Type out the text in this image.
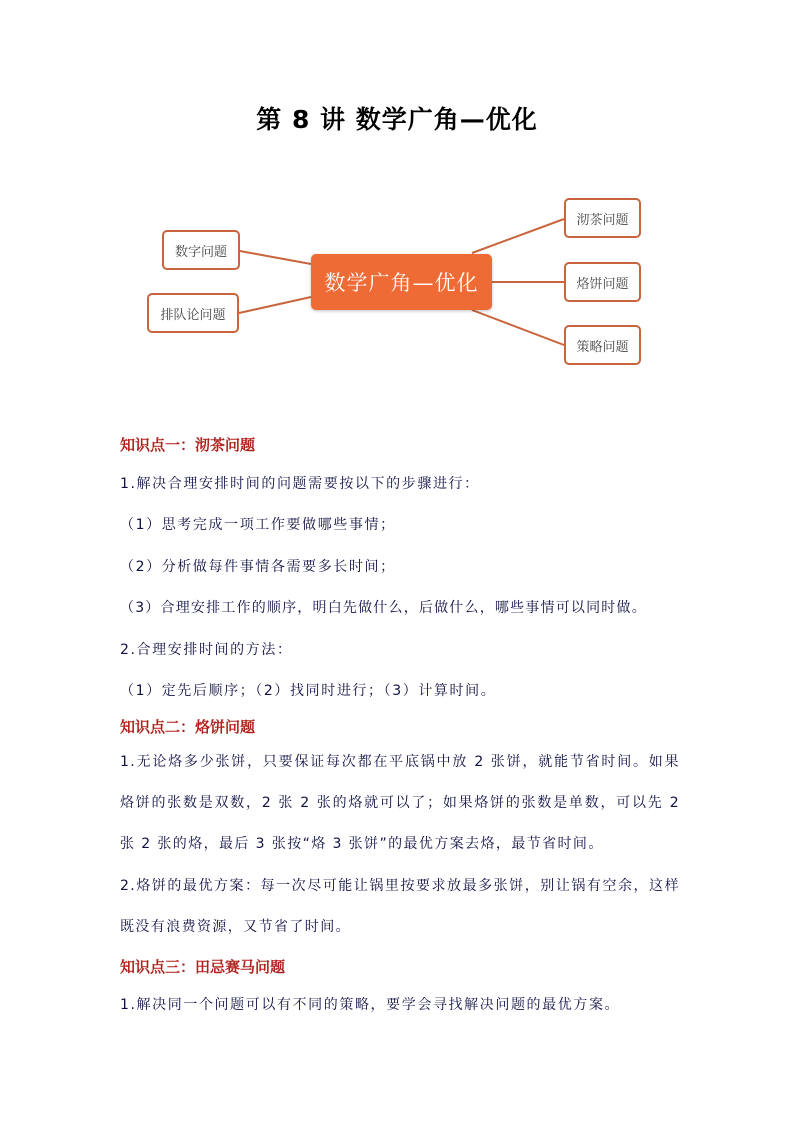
第 8 讲 数学广角—优化
数学广角—优化
数字问题
排队论问题
沏茶问题
烙饼问题
策略问题
知识点一：沏茶问题
1.解决合理安排时间的问题需要按以下的步骤进行：
（1）思考完成一项工作要做哪些事情；
（2）分析做每件事情各需要多长时间；
（3）合理安排工作的顺序，明白先做什么，后做什么，哪些事情可以同时做。
2.合理安排时间的方法：
（1）定先后顺序；（2）找同时进行；（3）计算时间。
知识点二：烙饼问题
1.无论烙多少张饼，只要保证每次都在平底锅中放 2 张饼，就能节省时间。如果烙饼的张数是双数，2 张 2 张的烙就可以了；如果烙饼的张数是单数，可以先 2 张 2 张的烙，最后 3 张按“烙 3 张饼”的最优方案去烙，最节省时间。
2.烙饼的最优方案：每一次尽可能让锅里按要求放最多张饼，别让锅有空余，这样既没有浪费资源，又节省了时间。
知识点三：田忌赛马问题
1.解决同一个问题可以有不同的策略，要学会寻找解决问题的最优方案。
